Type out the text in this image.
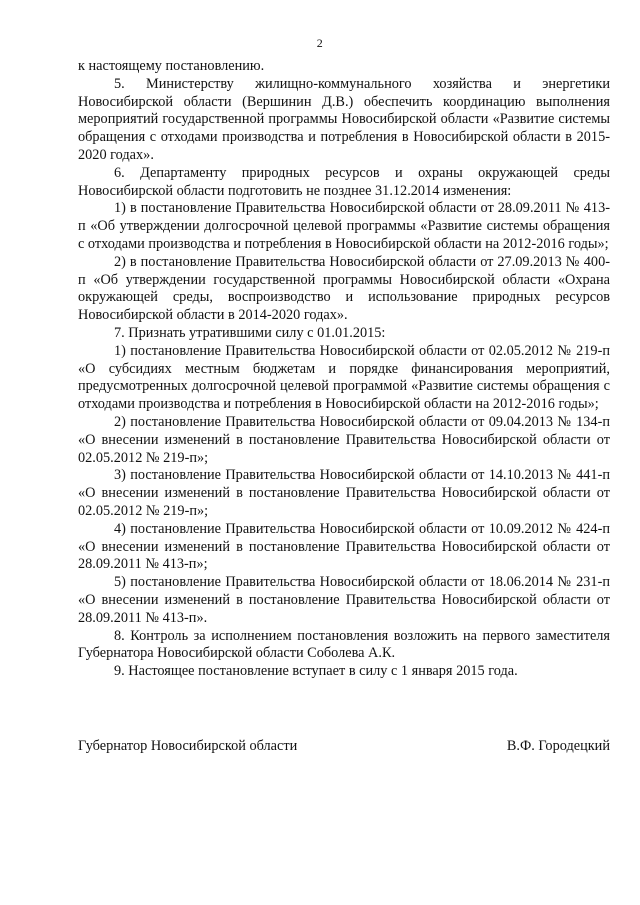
2

к настоящему постановлению.

5. Министерству жилищно-коммунального хозяйства и энергетики Новосибирской области (Вершинин Д.В.) обеспечить координацию выполнения мероприятий государственной программы Новосибирской области «Развитие системы обращения с отходами производства и потребления в Новосибирской области в 2015-2020 годах».

6. Департаменту природных ресурсов и охраны окружающей среды Новосибирской области подготовить не позднее 31.12.2014 изменения:

1) в постановление Правительства Новосибирской области от 28.09.2011 № 413-п «Об утверждении долгосрочной целевой программы «Развитие системы обращения с отходами производства и потребления в Новосибирской области на 2012-2016 годы»;

2) в постановление Правительства Новосибирской области от 27.09.2013 № 400-п «Об утверждении государственной программы Новосибирской области «Охрана окружающей среды, воспроизводство и использование природных ресурсов Новосибирской области в 2014-2020 годах».

7. Признать утратившими силу с 01.01.2015:

1) постановление Правительства Новосибирской области от 02.05.2012 № 219-п «О субсидиях местным бюджетам и порядке финансирования мероприятий, предусмотренных долгосрочной целевой программой «Развитие системы обращения с отходами производства и потребления в Новосибирской области на 2012-2016 годы»;

2) постановление Правительства Новосибирской области от 09.04.2013 № 134-п «О внесении изменений в постановление Правительства Новосибирской области от 02.05.2012 № 219-п»;

3) постановление Правительства Новосибирской области от 14.10.2013 № 441-п «О внесении изменений в постановление Правительства Новосибирской области от 02.05.2012 № 219-п»;

4) постановление Правительства Новосибирской области от 10.09.2012 № 424-п «О внесении изменений в постановление Правительства Новосибирской области от 28.09.2011 № 413-п»;

5) постановление Правительства Новосибирской области от 18.06.2014 № 231-п «О внесении изменений в постановление Правительства Новосибирской области от 28.09.2011 № 413-п».

8. Контроль за исполнением постановления возложить на первого заместителя Губернатора Новосибирской области Соболева А.К.

9. Настоящее постановление вступает в силу с 1 января 2015 года.

Губернатор Новосибирской области	В.Ф. Городецкий
